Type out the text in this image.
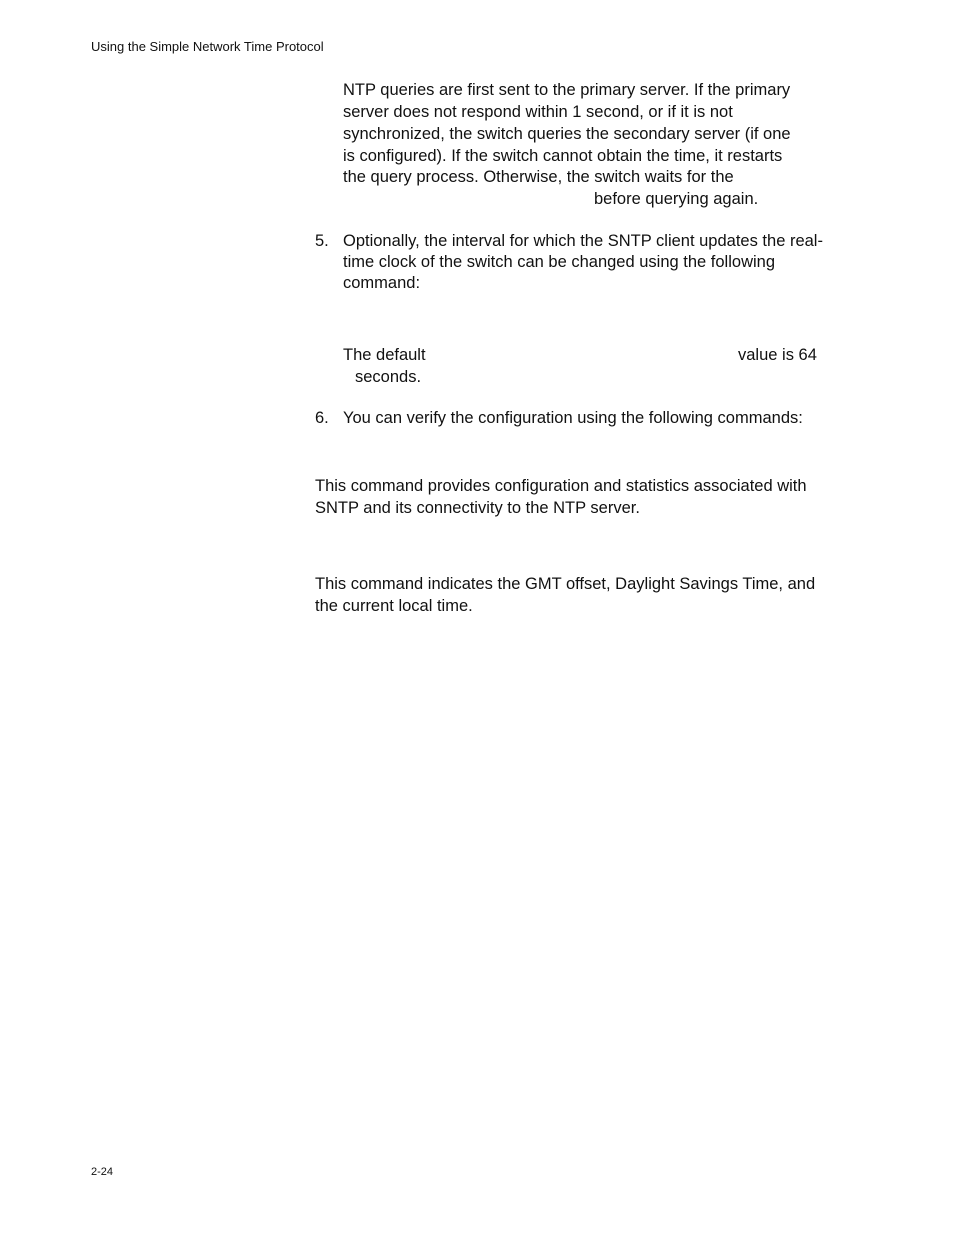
Using the Simple Network Time Protocol
NTP queries are first sent to the primary server. If the primary
server does not respond within 1 second, or if it is not
synchronized, the switch queries the secondary server (if one
is configured). If the switch cannot obtain the time, it restarts
the query process. Otherwise, the switch waits for the
before querying again.
5. Optionally, the interval for which the SNTP client updates the real-
time clock of the switch can be changed using the following
command:
The default	value is 64
seconds.
6. You can verify the configuration using the following commands:
This command provides configuration and statistics associated with
SNTP and its connectivity to the NTP server.
This command indicates the GMT offset, Daylight Savings Time, and
the current local time.
2-24
